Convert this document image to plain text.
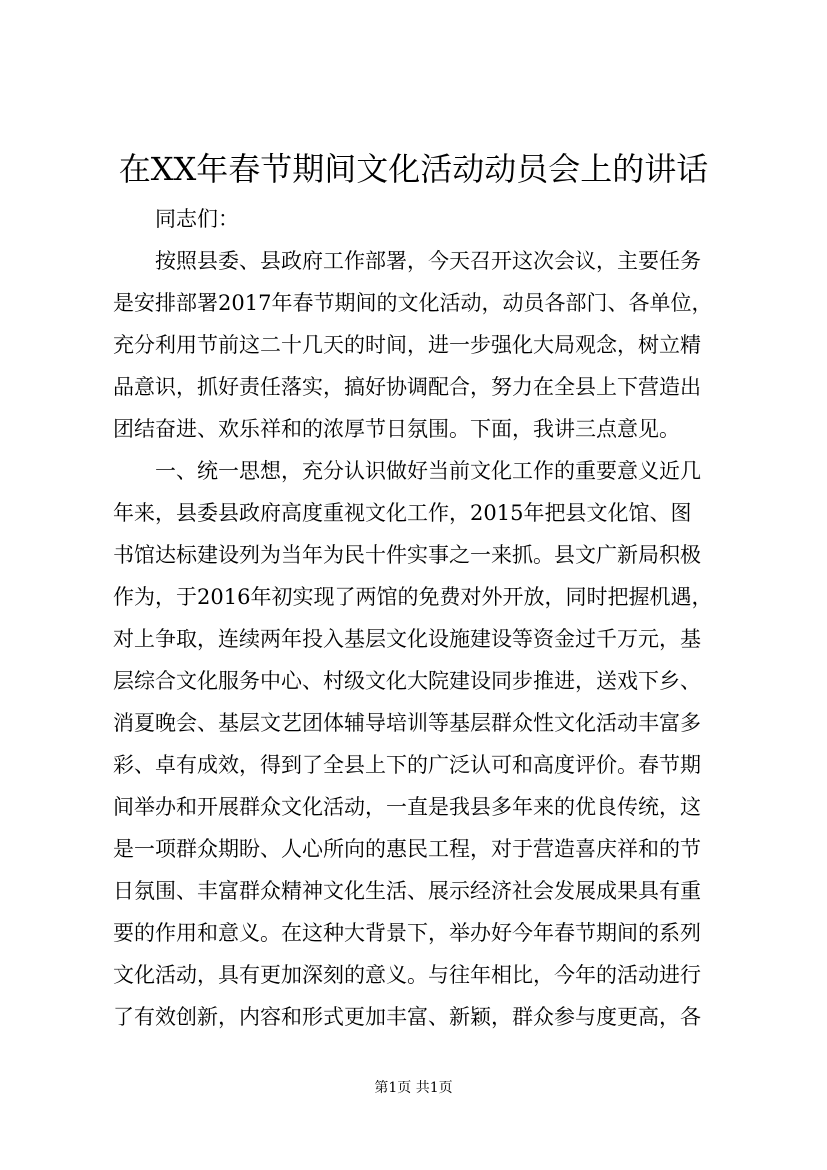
在XX年春节期间文化活动动员会上的讲话
同志们：
按照县委、县政府工作部署，今天召开这次会议，主要任务
是安排部署2017年春节期间的文化活动，动员各部门、各单位，
充分利用节前这二十几天的时间，进一步强化大局观念，树立精
品意识，抓好责任落实，搞好协调配合，努力在全县上下营造出
团结奋进、欢乐祥和的浓厚节日氛围。下面，我讲三点意见。
一、统一思想，充分认识做好当前文化工作的重要意义近几
年来，县委县政府高度重视文化工作，2015年把县文化馆、图
书馆达标建设列为当年为民十件实事之一来抓。县文广新局积极
作为，于2016年初实现了两馆的免费对外开放，同时把握机遇，
对上争取，连续两年投入基层文化设施建设等资金过千万元，基
层综合文化服务中心、村级文化大院建设同步推进，送戏下乡、
消夏晚会、基层文艺团体辅导培训等基层群众性文化活动丰富多
彩、卓有成效，得到了全县上下的广泛认可和高度评价。春节期
间举办和开展群众文化活动，一直是我县多年来的优良传统，这
是一项群众期盼、人心所向的惠民工程，对于营造喜庆祥和的节
日氛围、丰富群众精神文化生活、展示经济社会发展成果具有重
要的作用和意义。在这种大背景下，举办好今年春节期间的系列
文化活动，具有更加深刻的意义。与往年相比，今年的活动进行
了有效创新，内容和形式更加丰富、新颖，群众参与度更高，各
第1页 共1页
